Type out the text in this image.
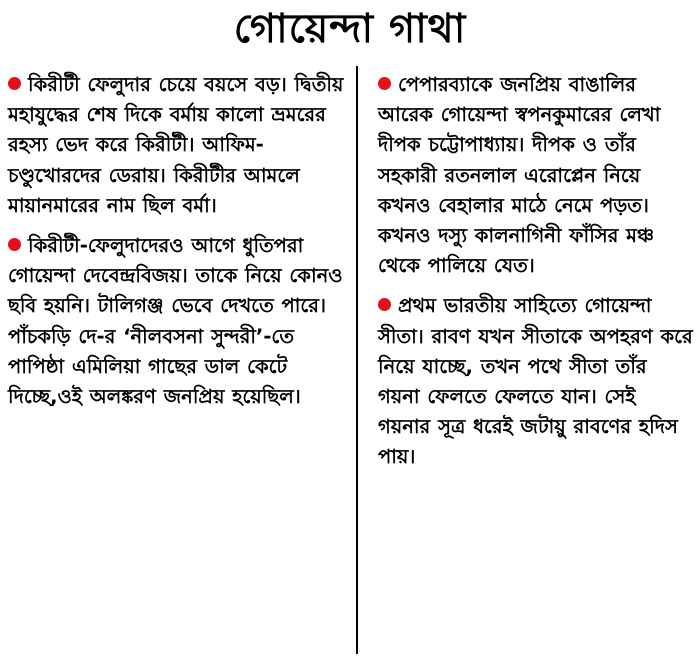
গোয়েন্দা গাথা

কিরীটী ফেলুদার চেয়ে বয়সে বড়। দ্বিতীয় মহাযুদ্ধের শেষ দিকে বর্মায় কালো ভ্রমরের রহস্য ভেদ করে কিরীটী। আফিম-চণ্ডুখোরদের ডেরায়। কিরীটীর আমলে মায়ানমারের নাম ছিল বর্মা।

কিরীটী-ফেলুদাদেরও আগে ধুতিপরা গোয়েন্দা দেবেন্দ্রবিজয়। তাকে নিয়ে কোনও ছবি হয়নি। টালিগঞ্জ ভেবে দেখতে পারে। পাঁচকড়ি দে-র ‘নীলবসনা সুন্দরী’-তে পাপিষ্ঠা এমিলিয়া গাছের ডাল কেটে দিচ্ছে,ওই অলঙ্করণ জনপ্রিয় হয়েছিল।

পেপারব্যাকে জনপ্রিয় বাঙালির আরেক গোয়েন্দা স্বপনকুমারের লেখা দীপক চট্টোপাধ্যায়। দীপক ও তাঁর সহকারী রতনলাল এরোপ্লেন নিয়ে কখনও বেহালার মাঠে নেমে পড়ত। কখনও দস্যু কালনাগিনী ফাঁসির মঞ্চ থেকে পালিয়ে যেত।

প্রথম ভারতীয় সাহিত্যে গোয়েন্দা সীতা। রাবণ যখন সীতাকে অপহরণ করে নিয়ে যাচ্ছে, তখন পথে সীতা তাঁর গয়না ফেলতে ফেলতে যান। সেই গয়নার সূত্র ধরেই জটায়ু রাবণের হদিস পায়।
